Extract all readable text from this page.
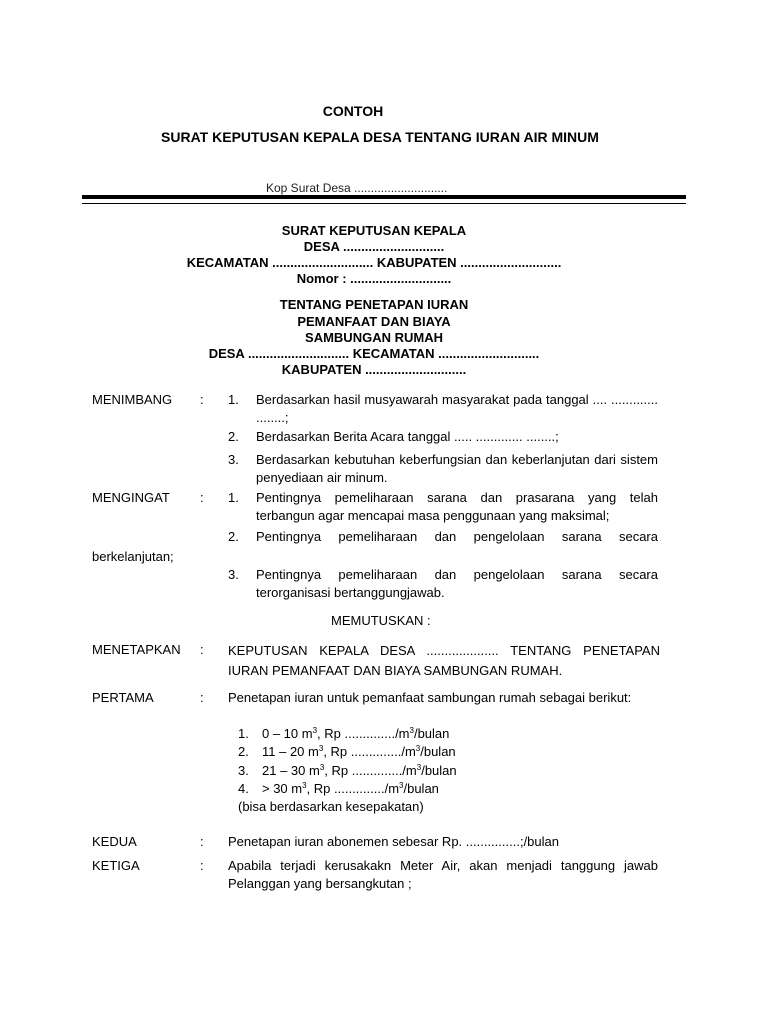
CONTOH
SURAT KEPUTUSAN KEPALA DESA TENTANG IURAN AIR MINUM
Kop Surat Desa ............................
SURAT KEPUTUSAN KEPALA
DESA ............................
KECAMATAN ............................ KABUPATEN ............................
Nomor : ............................
TENTANG PENETAPAN IURAN
PEMANFAAT DAN BIAYA
SAMBUNGAN RUMAH
DESA ............................ KECAMATAN ............................
KABUPATEN ............................
MENIMBANG	:	1.	Berdasarkan hasil musyawarah masyarakat pada tanggal .... ............. ........;
2.	Berdasarkan Berita Acara tanggal ..... ............. ........;
3.	Berdasarkan kebutuhan keberfungsian dan keberlanjutan dari sistem penyediaan air minum.
MENGINGAT	:	1.	Pentingnya pemeliharaan sarana dan prasarana yang telah terbangun agar mencapai masa penggunaan yang maksimal;
2.	Pentingnya pemeliharaan dan pengelolaan sarana secara
berkelanjutan;
3.	Pentingnya pemeliharaan dan pengelolaan sarana secara terorganisasi bertanggungjawab.
MEMUTUSKAN :
MENETAPKAN	:	KEPUTUSAN KEPALA DESA .................... TENTANG PENETAPAN IURAN PEMANFAAT DAN BIAYA SAMBUNGAN RUMAH.
PERTAMA	:	Penetapan iuran untuk pemanfaat sambungan rumah sebagai berikut:
1. 0 – 10 $m^3$, Rp $............../m^3$/bulan
2. 11 – 20 $m^3$, Rp $............../m^3$/bulan
3. 21 – 30 $m^3$, Rp $............../m^3$/bulan
4. > 30 $m^3$, Rp $............../m^3$/bulan
(bisa berdasarkan kesepakatan)
KEDUA	:	Penetapan iuran abonemen sebesar Rp. ...............;/bulan
KETIGA	:	Apabila terjadi kerusakakn Meter Air, akan menjadi tanggung jawab Pelanggan yang bersangkutan ;
